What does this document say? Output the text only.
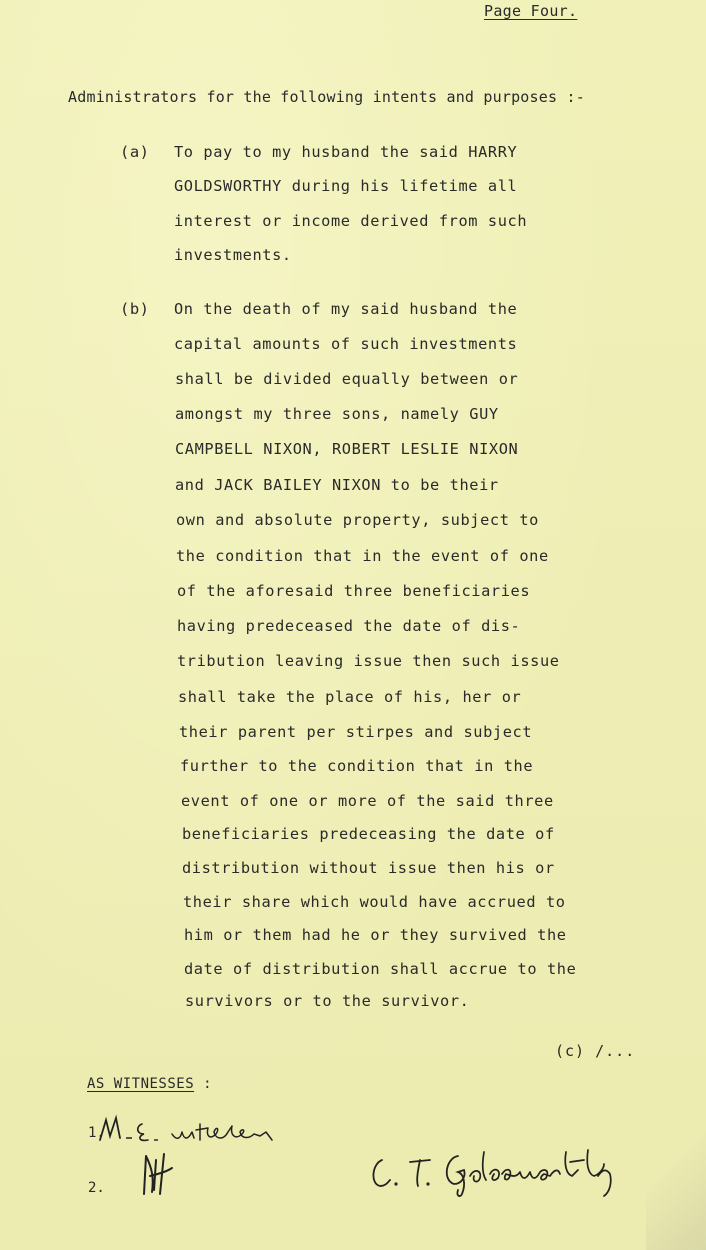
Page Four.
Administrators for the following intents and purposes :-
(a) To pay to my husband the said HARRY
GOLDSWORTHY during his lifetime all
interest or income derived from such
investments.
(b) On the death of my said husband the
capital amounts of such investments
shall be divided equally between or
amongst my three sons, namely GUY
CAMPBELL NIXON, ROBERT LESLIE NIXON
and JACK BAILEY NIXON to be their
own and absolute property, subject to
the condition that in the event of one
of the aforesaid three beneficiaries
having predeceased the date of dis-
tribution leaving issue then such issue
shall take the place of his, her or
their parent per stirpes and subject
further to the condition that in the
event of one or more of the said three
beneficiaries predeceasing the date of
distribution without issue then his or
their share which would have accrued to
him or them had he or they survived the
date of distribution shall accrue to the
survivors or to the survivor.
(c) /...
AS WITNESSES :
1.
2.
